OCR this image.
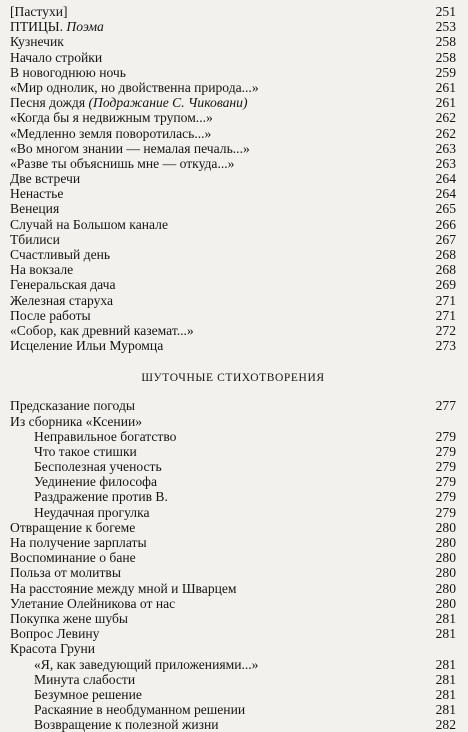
[Пастухи]	251
ПТИЦЫ. Поэма	253
Кузнечик	258
Начало стройки	258
В новогоднюю ночь	259
«Мир однолик, но двойственна природа...»	261
Песня дождя (Подражание С. Чиковани)	261
«Когда бы я недвижным трупом...»	262
«Медленно земля поворотилась...»	262
«Во многом знании — немалая печаль...»	263
«Разве ты объяснишь мне — откуда...»	263
Две встречи	264
Ненастье	264
Венеция	265
Случай на Большом канале	266
Тбилиси	267
Счастливый день	268
На вокзале	268
Генеральская дача	269
Железная старуха	271
После работы	271
«Собор, как древний каземат...»	272
Исцеление Ильи Муромца	273
ШУТОЧНЫЕ СТИХОТВОРЕНИЯ
Предсказание погоды	277
Из сборника «Ксении»
Неправильное богатство	279
Что такое стишки	279
Бесполезная ученость	279
Уединение философа	279
Раздражение против В.	279
Неудачная прогулка	279
Отвращение к богеме	280
На получение зарплаты	280
Воспоминание о бане	280
Польза от молитвы	280
На расстояние между мной и Шварцем	280
Улетание Олейникова от нас	280
Покупка жене шубы	281
Вопрос Левину	281
Красота Груни
«Я, как заведующий приложениями...»	281
Минута слабости	281
Безумное решение	281
Раскаяние в необдуманном решении	281
Возвращение к полезной жизни	282
